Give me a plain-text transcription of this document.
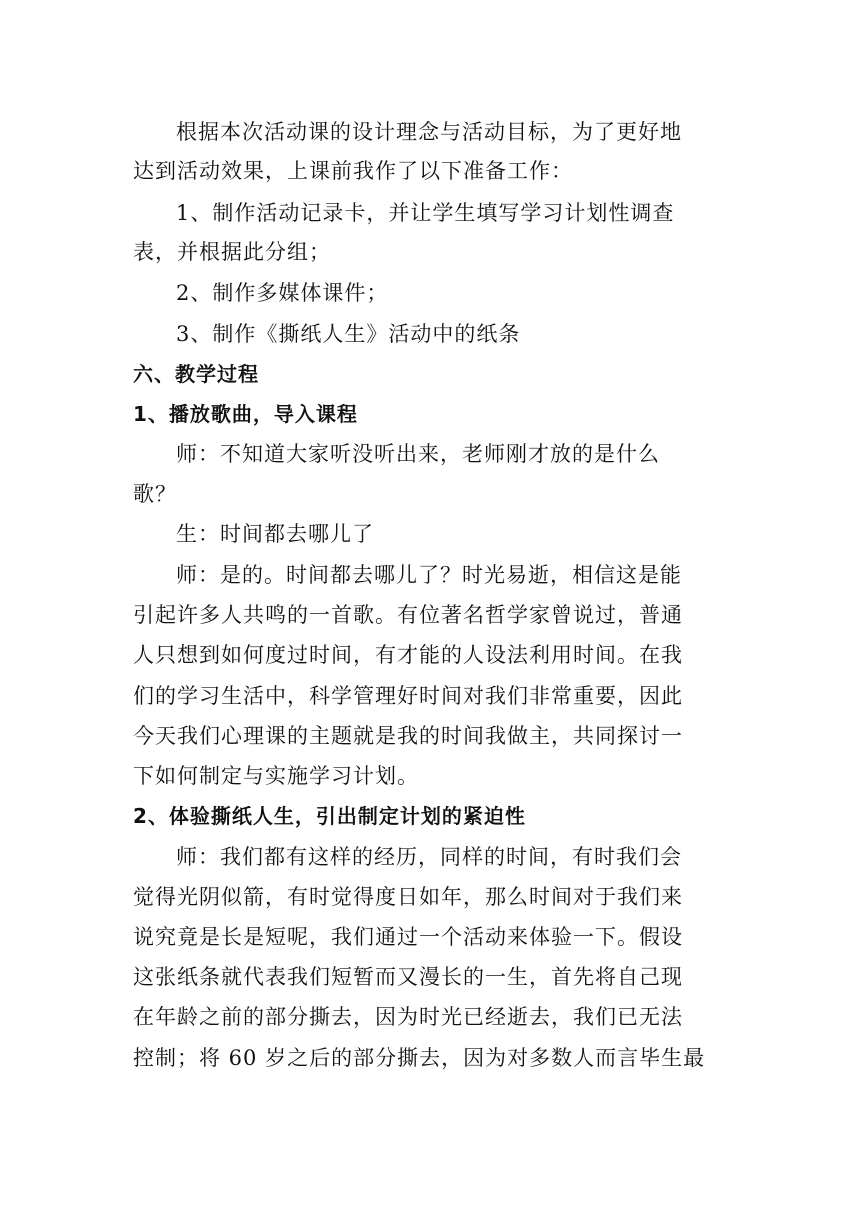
根据本次活动课的设计理念与活动目标，为了更好地
达到活动效果，上课前我作了以下准备工作：
1、制作活动记录卡，并让学生填写学习计划性调查
表，并根据此分组；
2、制作多媒体课件；
3、制作《撕纸人生》活动中的纸条
六、教学过程
1、播放歌曲，导入课程
师：不知道大家听没听出来，老师刚才放的是什么
歌？
生：时间都去哪儿了
师：是的。时间都去哪儿了？时光易逝，相信这是能
引起许多人共鸣的一首歌。有位著名哲学家曾说过，普通
人只想到如何度过时间，有才能的人设法利用时间。在我
们的学习生活中，科学管理好时间对我们非常重要，因此
今天我们心理课的主题就是我的时间我做主，共同探讨一
下如何制定与实施学习计划。
2、体验撕纸人生，引出制定计划的紧迫性
师：我们都有这样的经历，同样的时间，有时我们会
觉得光阴似箭，有时觉得度日如年，那么时间对于我们来
说究竟是长是短呢，我们通过一个活动来体验一下。假设
这张纸条就代表我们短暂而又漫长的一生，首先将自己现
在年龄之前的部分撕去，因为时光已经逝去，我们已无法
控制；将 60 岁之后的部分撕去，因为对多数人而言毕生最
